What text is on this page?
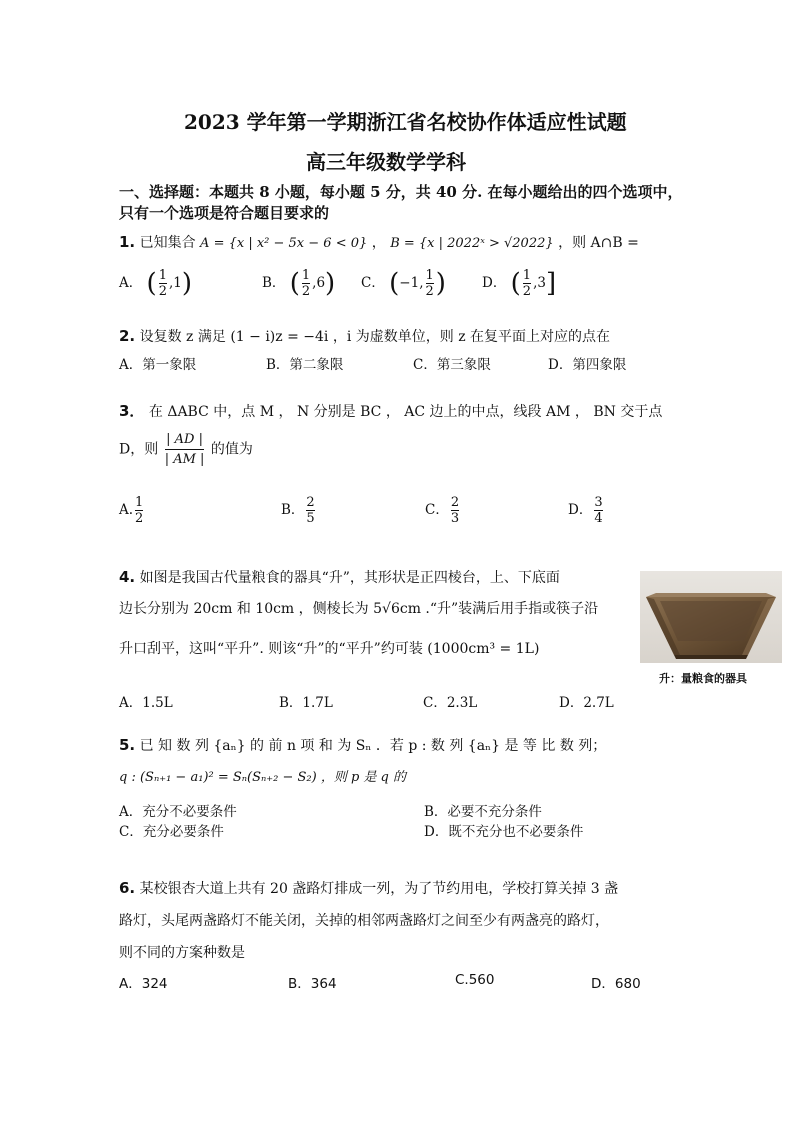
2023 学年第一学期浙江省名校协作体适应性试题
高三年级数学学科
一、选择题：本题共 8 小题，每小题 5 分，共 40 分. 在每小题给出的四个选项中，
只有一个选项是符合题目要求的
1. 已知集合 A = {x | x² − 5x − 6 < 0} ， B = {x | 2022ˣ > √2022} ，则 A∩B =
A． ( $\frac{1}{2} ,1$)	B． ( $\frac{1}{2} ,6$) C． (−1, $\frac{1}{2}$ )	D． ( $\frac{1}{2} ,3$]
2. 设复数 z 满足 (1 − i)z = −4i ，i 为虚数单位，则 z 在复平面上对应的点在
A．第一象限	B．第二象限	C．第三象限	D．第四象限
3． 在 ΔABC 中，点 M ， N 分别是 BC ， AC 边上的中点，线段 AM ， BN 交于点
D，则 $\frac{| AD |}{| AM |}$ 的值为
A. $\frac{1}{2}$	B． $\frac{2}{5}$	C． $\frac{2}{3}$	D． $\frac{3}{4}$
4. 如图是我国古代量粮食的器具“升”，其形状是正四棱台，上、下底面
边长分别为 20cm 和 10cm ，侧棱长为 5√6cm .“升”装满后用手指或筷子沿
升口刮平，这叫“平升”. 则该“升”的“平升”约可装 (1000cm³ = 1L)
升：量粮食的器具
A．1.5L	B．1.7L	C．2.3L	D．2.7L
5. 已 知 数 列 {aₙ} 的 前 n 项 和 为 Sₙ ．若 p : 数 列 {aₙ} 是 等 比 数 列；
q : (Sₙ₊₁ − a₁)² = Sₙ(Sₙ₊₂ − S₂) ，则 p 是 q 的
A．充分不必要条件	B．必要不充分条件
C．充分必要条件	D．既不充分也不必要条件
6. 某校银杏大道上共有 20 盏路灯排成一列，为了节约用电，学校打算关掉 3 盏
路灯，头尾两盏路灯不能关闭，关掉的相邻两盏路灯之间至少有两盏亮的路灯，
则不同的方案种数是
A．324	B．364	C.560	D．680
